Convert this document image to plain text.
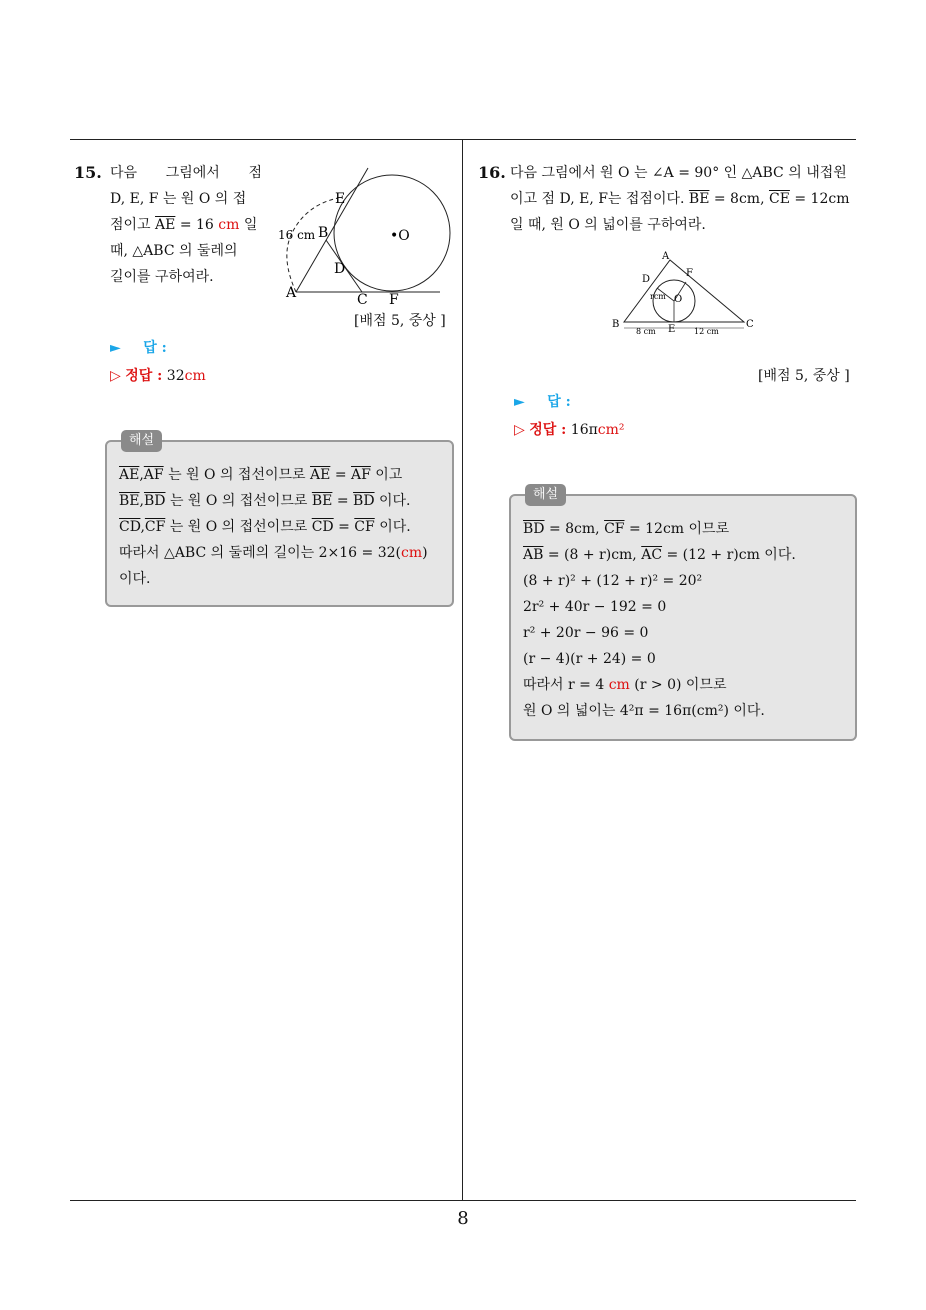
15. 다음 그림에서 점
D, E, F 는 원 O 의 접
점이고 $\overline{AE} = 16$ cm 일
때, △ABC 의 둘레의
길이를 구하여라.
E
B
16 cm
D
•O
A	C F
[배점 5, 중상 ]
► 답 :
▷ 정답 : 32cm
해설
$\overline{AE},\overline{AF}$ 는 원 O 의 접선이므로 $\overline{AE} = \overline{AF}$ 이고
$\overline{BE},\overline{BD}$ 는 원 O 의 접선이므로 $\overline{BE} = \overline{BD}$ 이다.
$\overline{CD},\overline{CF}$ 는 원 O 의 접선이므로 $\overline{CD} = \overline{CF}$ 이다.
따라서 △ABC 의 둘레의 길이는 2×16 = 32(cm)
이다.
16. 다음 그림에서 원 O 는 ∠A = 90° 인 △ABC 의 내접원
이고 점 D, E, F는 접점이다. $\overline{BE} = 8cm$, $\overline{CE} = 12cm$
일 때, 원 O 의 넓이를 구하여라.
A
D
F
rcm O
B	C
E
8 cm	12 cm
[배점 5, 중상 ]
► 답 :
▷ 정답 : 16πcm²
해설
$\overline{BD} = 8cm$, $\overline{CF} = 12cm$ 이므로
$\overline{AB} = (8 + r)cm$, $\overline{AC} = (12 + r)cm$ 이다.
(8 + r)² + (12 + r)² = 20²
2r² + 40r − 192 = 0
r² + 20r − 96 = 0
(r − 4)(r + 24) = 0
따라서 r = 4 cm (r > 0) 이므로
원 O 의 넓이는 4²π = 16π(cm²) 이다.
8
